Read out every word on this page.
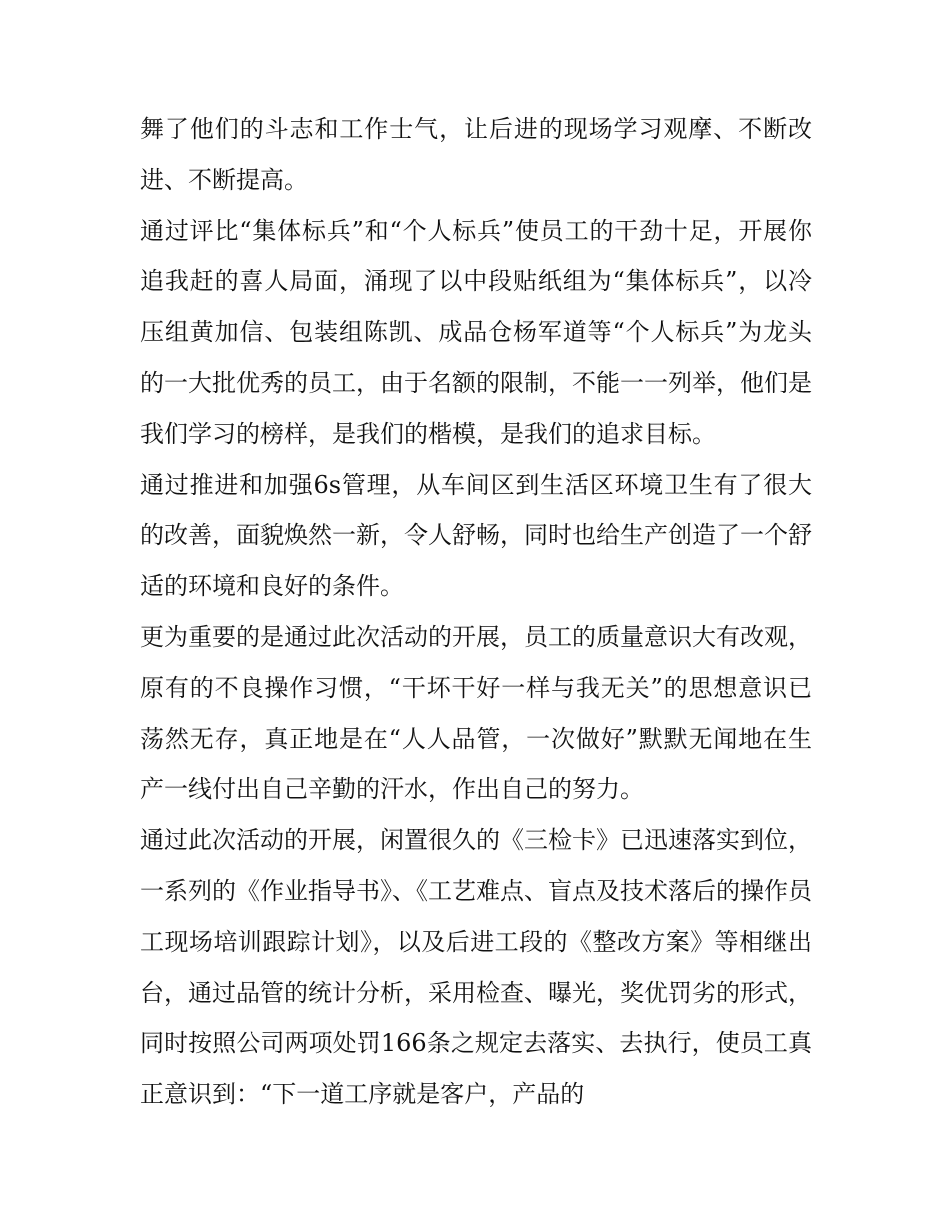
舞了他们的斗志和工作士气，让后进的现场学习观摩、不断改进、不断提高。

通过评比“集体标兵”和“个人标兵”使员工的干劲十足，开展你追我赶的喜人局面，涌现了以中段贴纸组为“集体标兵”，以冷压组黄加信、包装组陈凯、成品仓杨军道等“个人标兵”为龙头的一大批优秀的员工，由于名额的限制，不能一一列举，他们是我们学习的榜样，是我们的楷模，是我们的追求目标。

通过推进和加强6s管理，从车间区到生活区环境卫生有了很大的改善，面貌焕然一新，令人舒畅，同时也给生产创造了一个舒适的环境和良好的条件。

更为重要的是通过此次活动的开展，员工的质量意识大有改观，原有的不良操作习惯，“干坏干好一样与我无关”的思想意识已荡然无存，真正地是在“人人品管，一次做好”默默无闻地在生产一线付出自己辛勤的汗水，作出自己的努力。

通过此次活动的开展，闲置很久的《三检卡》已迅速落实到位，一系列的《作业指导书》、《工艺难点、盲点及技术落后的操作员工现场培训跟踪计划》，以及后进工段的《整改方案》等相继出台，通过品管的统计分析，采用检查、曝光，奖优罚劣的形式，同时按照公司两项处罚166条之规定去落实、去执行，使员工真正意识到：“下一道工序就是客户，产品的
